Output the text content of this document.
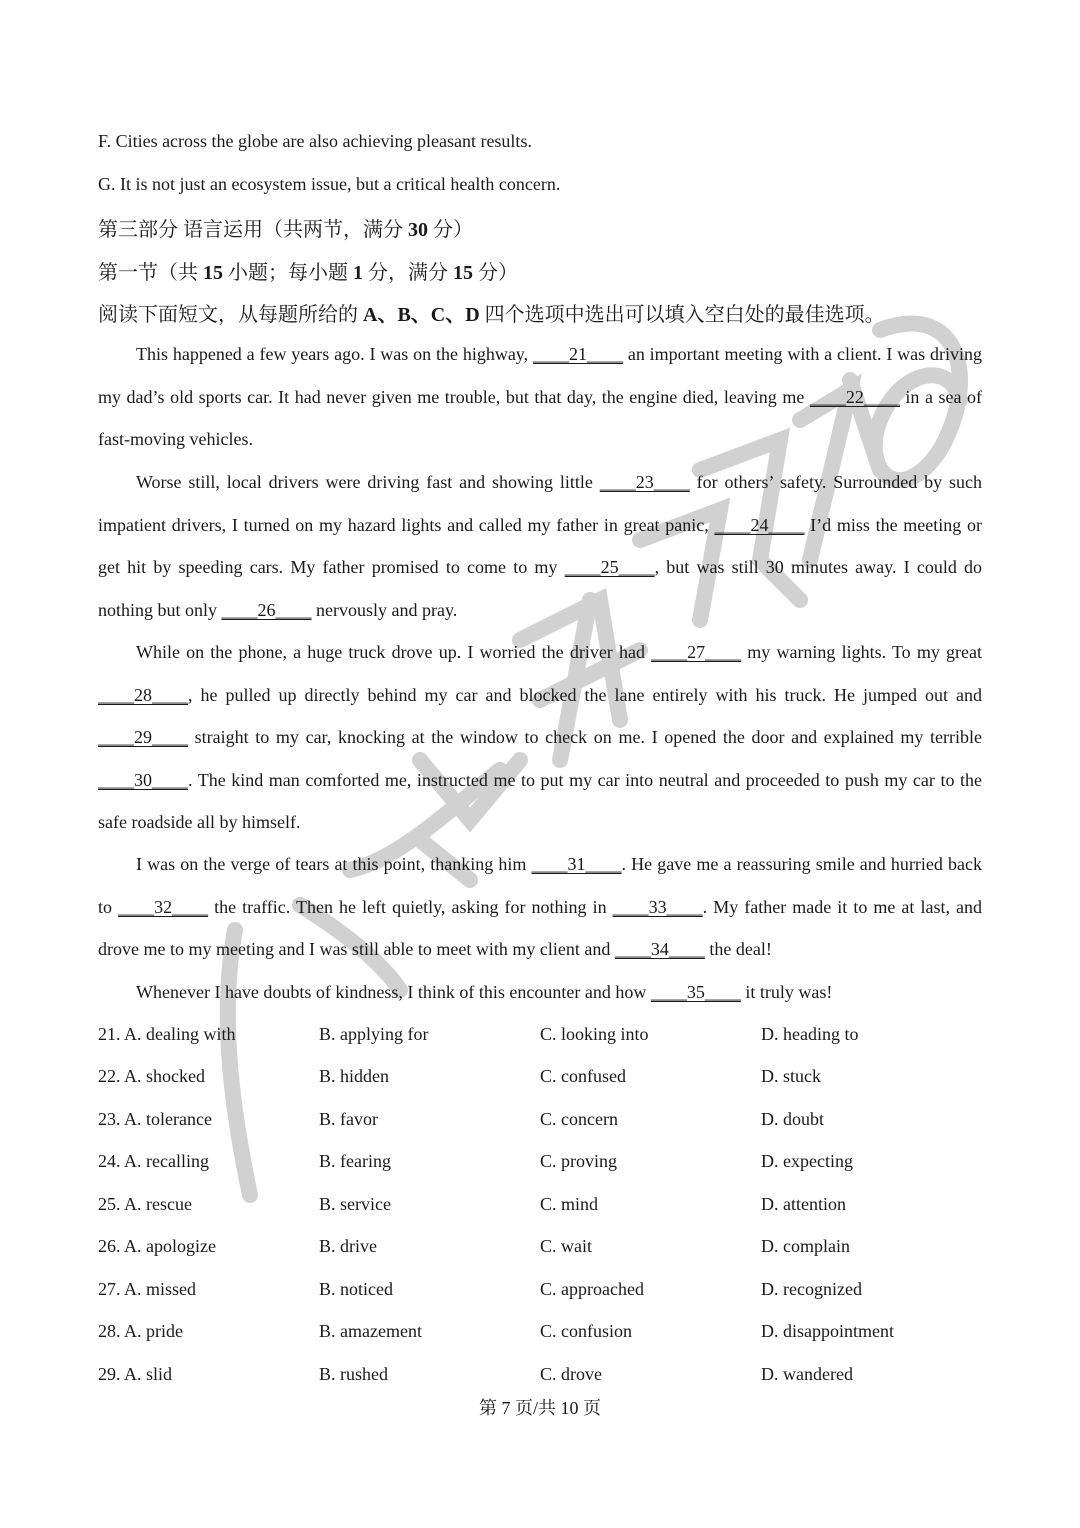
F. Cities across the globe are also achieving pleasant results.
G. It is not just an ecosystem issue, but a critical health concern.
第三部分 语言运用（共两节，满分 30 分）
第一节（共 15 小题；每小题 1 分，满分 15 分）
阅读下面短文，从每题所给的 A、B、C、D 四个选项中选出可以填入空白处的最佳选项。
This happened a few years ago. I was on the highway, ____21____ an important meeting with a client. I was driving my dad’s old sports car. It had never given me trouble, but that day, the engine died, leaving me ____22____ in a sea of fast-moving vehicles.
Worse still, local drivers were driving fast and showing little ____23____ for others’ safety. Surrounded by such impatient drivers, I turned on my hazard lights and called my father in great panic, ____24____ I’d miss the meeting or get hit by speeding cars. My father promised to come to my ____25____, but was still 30 minutes away. I could do nothing but only ____26____ nervously and pray.
While on the phone, a huge truck drove up. I worried the driver had ____27____ my warning lights. To my great ____28____, he pulled up directly behind my car and blocked the lane entirely with his truck. He jumped out and ____29____ straight to my car, knocking at the window to check on me. I opened the door and explained my terrible ____30____. The kind man comforted me, instructed me to put my car into neutral and proceeded to push my car to the safe roadside all by himself.
I was on the verge of tears at this point, thanking him ____31____. He gave me a reassuring smile and hurried back to ____32____ the traffic. Then he left quietly, asking for nothing in ____33____. My father made it to me at last, and drove me to my meeting and I was still able to meet with my client and ____34____ the deal!
Whenever I have doubts of kindness, I think of this encounter and how ____35____ it truly was!
21. A. dealing with	B. applying for	C. looking into	D. heading to
22. A. shocked	B. hidden	C. confused	D. stuck
23. A. tolerance	B. favor	C. concern	D. doubt
24. A. recalling	B. fearing	C. proving	D. expecting
25. A. rescue	B. service	C. mind	D. attention
26. A. apologize	B. drive	C. wait	D. complain
27. A. missed	B. noticed	C. approached	D. recognized
28. A. pride	B. amazement	C. confusion	D. disappointment
29. A. slid	B. rushed	C. drove	D. wandered
第 7 页/共 10 页
